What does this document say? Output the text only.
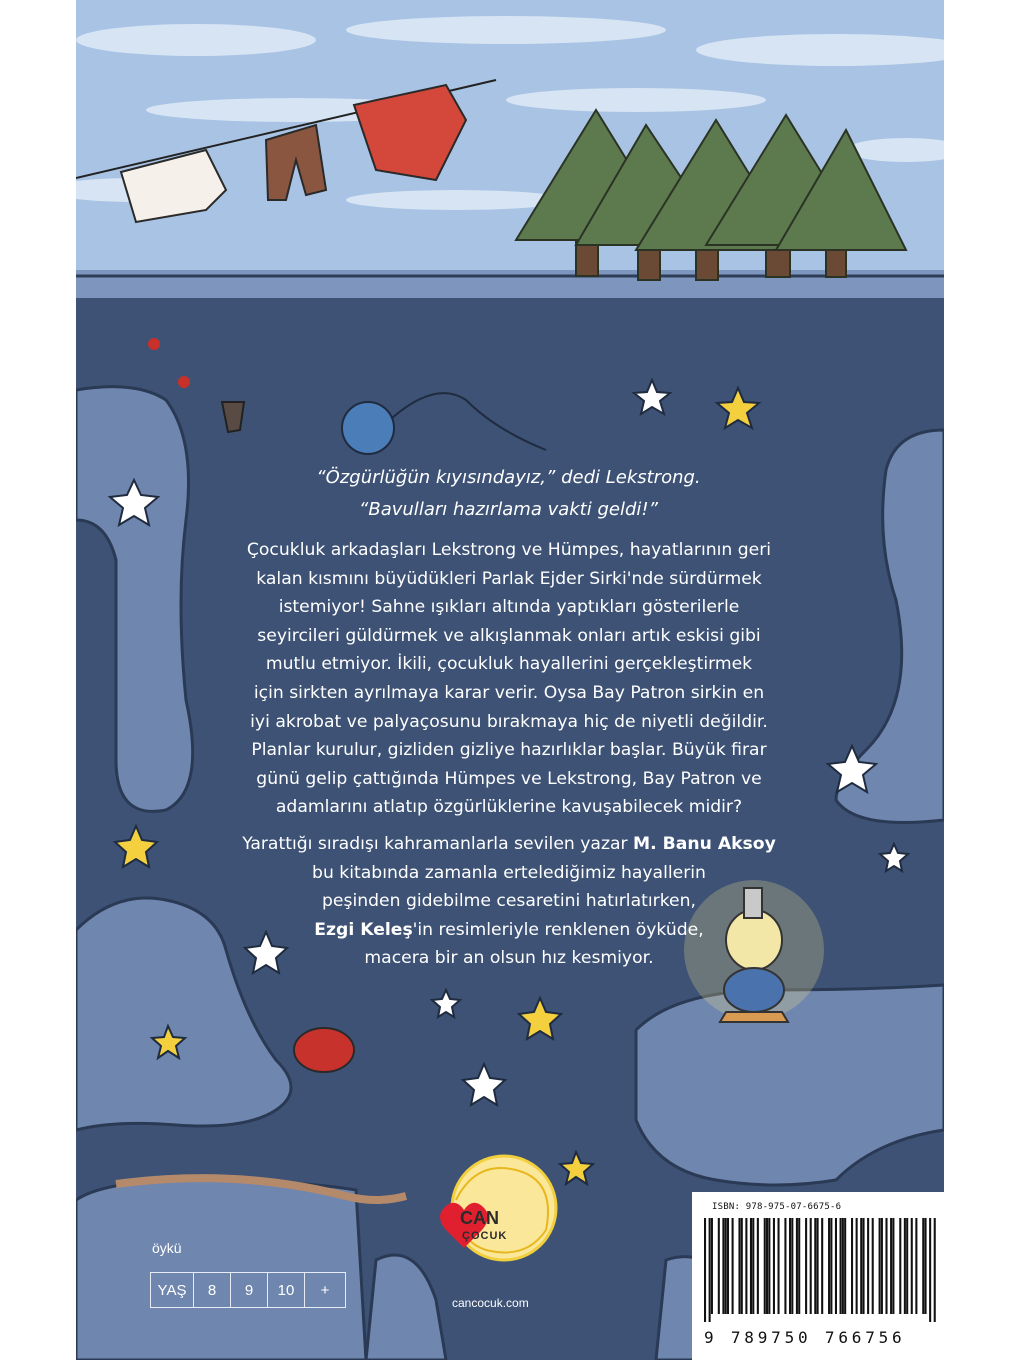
“Özgürlüğün kıyısındayız,” dedi Lekstrong.
“Bavulları hazırlama vakti geldi!”
Çocukluk arkadaşları Lekstrong ve Hümpes, hayatlarının geri
kalan kısmını büyüdükleri Parlak Ejder Sirki'nde sürdürmek
istemiyor! Sahne ışıkları altında yaptıkları gösterilerle
seyircileri güldürmek ve alkışlanmak onları artık eskisi gibi
mutlu etmiyor. İkili, çocukluk hayallerini gerçekleştirmek
için sirkten ayrılmaya karar verir. Oysa Bay Patron sirkin en
iyi akrobat ve palyaçosunu bırakmaya hiç de niyetli değildir.
Planlar kurulur, gizliden gizliye hazırlıklar başlar. Büyük firar
günü gelip çattığında Hümpes ve Lekstrong, Bay Patron ve
adamlarını atlatıp özgürlüklerine kavuşabilecek midir?
Yarattığı sıradışı kahramanlarla sevilen yazar M. Banu Aksoy
bu kitabında zamanla ertelediğimiz hayallerin
peşinden gidebilme cesaretini hatırlatırken,
Ezgi Keleş'in resimleriyle renklenen öyküde,
macera bir an olsun hız kesmiyor.
öykü
YAŞ	8	9	10	+
CAN
ÇOCUK
cancocuk.com
ISBN: 978-975-07-6675-6
9 789750 766756
